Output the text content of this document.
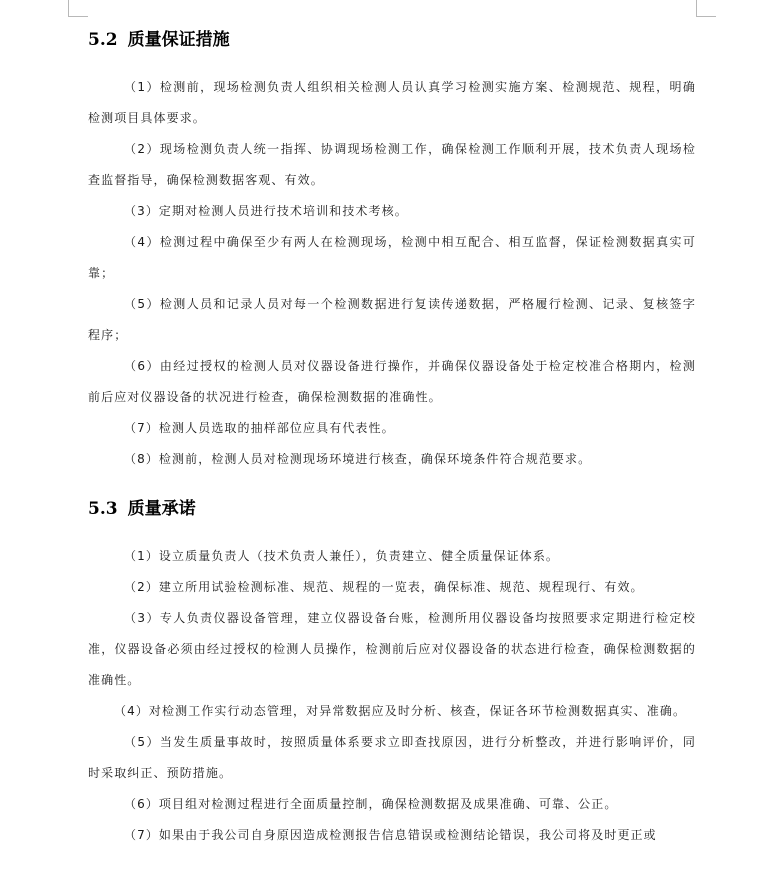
5.2 质量保证措施

（1）检测前，现场检测负责人组织相关检测人员认真学习检测实施方案、检测规范、规程，明确检测项目具体要求。

（2）现场检测负责人统一指挥、协调现场检测工作，确保检测工作顺利开展，技术负责人现场检查监督指导，确保检测数据客观、有效。

（3）定期对检测人员进行技术培训和技术考核。

（4）检测过程中确保至少有两人在检测现场，检测中相互配合、相互监督，保证检测数据真实可靠；

（5）检测人员和记录人员对每一个检测数据进行复读传递数据，严格履行检测、记录、复核签字程序；

（6）由经过授权的检测人员对仪器设备进行操作，并确保仪器设备处于检定校准合格期内，检测前后应对仪器设备的状况进行检查，确保检测数据的准确性。

（7）检测人员选取的抽样部位应具有代表性。

（8）检测前，检测人员对检测现场环境进行核查，确保环境条件符合规范要求。

5.3 质量承诺

（1）设立质量负责人（技术负责人兼任），负责建立、健全质量保证体系。

（2）建立所用试验检测标准、规范、规程的一览表，确保标准、规范、规程现行、有效。

（3）专人负责仪器设备管理，建立仪器设备台账，检测所用仪器设备均按照要求定期进行检定校准，仪器设备必须由经过授权的检测人员操作，检测前后应对仪器设备的状态进行检查，确保检测数据的准确性。

（4）对检测工作实行动态管理，对异常数据应及时分析、核查，保证各环节检测数据真实、准确。

（5）当发生质量事故时，按照质量体系要求立即查找原因，进行分析整改，并进行影响评价，同时采取纠正、预防措施。

（6）项目组对检测过程进行全面质量控制，确保检测数据及成果准确、可靠、公正。

（7）如果由于我公司自身原因造成检测报告信息错误或检测结论错误，我公司将及时更正或
